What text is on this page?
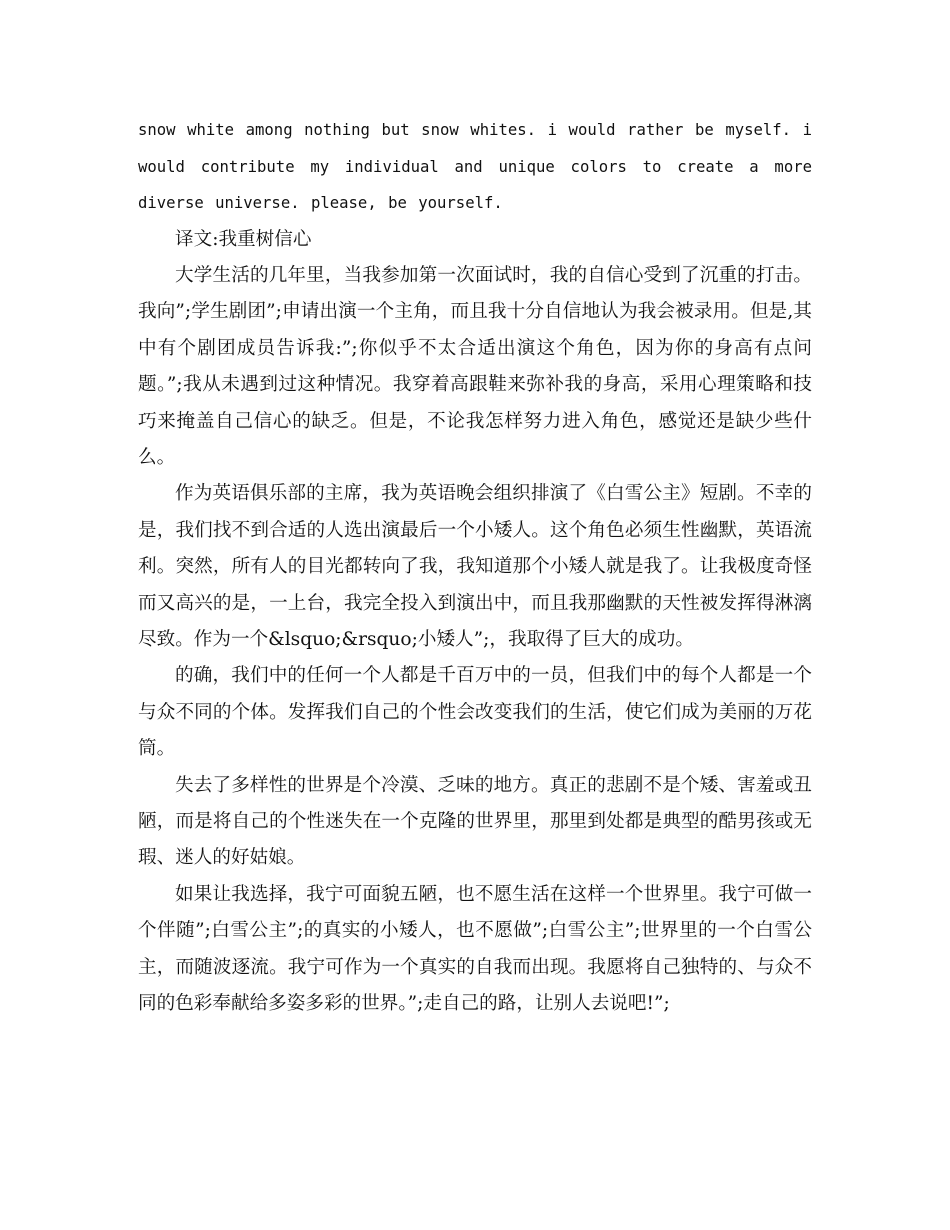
snow white among nothing but snow whites. i would rather be myself. i would contribute my individual and unique colors to create a more diverse universe. please, be yourself.

译文:我重树信心

大学生活的几年里，当我参加第一次面试时，我的自信心受到了沉重的打击。我向”;学生剧团”;申请出演一个主角，而且我十分自信地认为我会被录用。但是,其中有个剧团成员告诉我:”;你似乎不太合适出演这个角色，因为你的身高有点问题。”;我从未遇到过这种情况。我穿着高跟鞋来弥补我的身高，采用心理策略和技巧来掩盖自己信心的缺乏。但是，不论我怎样努力进入角色，感觉还是缺少些什么。

作为英语俱乐部的主席，我为英语晚会组织排演了《白雪公主》短剧。不幸的是，我们找不到合适的人选出演最后一个小矮人。这个角色必须生性幽默，英语流利。突然，所有人的目光都转向了我，我知道那个小矮人就是我了。让我极度奇怪而又高兴的是，一上台，我完全投入到演出中，而且我那幽默的天性被发挥得淋漓尽致。作为一个&lsquo;&rsquo;小矮人”;，我取得了巨大的成功。

的确，我们中的任何一个人都是千百万中的一员，但我们中的每个人都是一个与众不同的个体。发挥我们自己的个性会改变我们的生活，使它们成为美丽的万花筒。

失去了多样性的世界是个冷漠、乏味的地方。真正的悲剧不是个矮、害羞或丑陋，而是将自己的个性迷失在一个克隆的世界里，那里到处都是典型的酷男孩或无瑕、迷人的好姑娘。

如果让我选择，我宁可面貌五陋，也不愿生活在这样一个世界里。我宁可做一个伴随”;白雪公主”;的真实的小矮人，也不愿做”;白雪公主”;世界里的一个白雪公主，而随波逐流。我宁可作为一个真实的自我而出现。我愿将自己独特的、与众不同的色彩奉献给多姿多彩的世界。”;走自己的路，让别人去说吧!”;
